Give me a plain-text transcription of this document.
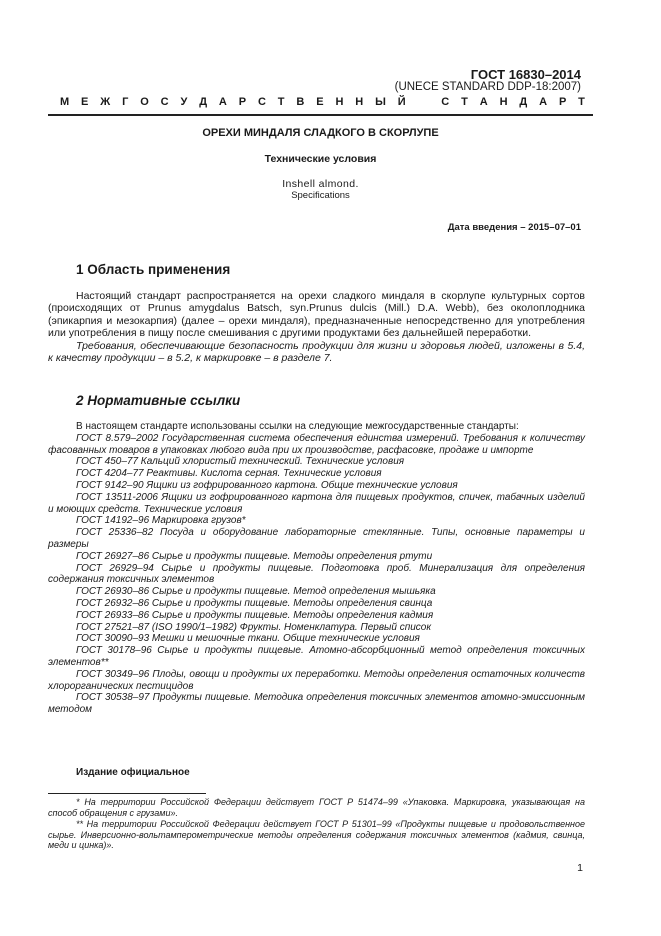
ГОСТ 16830–2014
(UNECE STANDARD DDP-18:2007)
М Е Ж Г О С У Д А Р С Т В Е Н Н Ы Й	С Т А Н Д А Р Т
ОРЕХИ МИНДАЛЯ СЛАДКОГО В СКОРЛУПЕ
Технические условия
Inshell almond.
Specifications
Дата введения – 2015–07–01
1 Область применения

Настоящий стандарт распространяется на орехи сладкого миндаля в скорлупе культурных сортов (происходящих от Prunus amygdalus Batsch, syn.Prunus dulcis (Mill.) D.A. Webb), без околоплодника (эпикарпия и мезокарпия) (далее – орехи миндаля), предназначенные непосредственно для употребления или употребления в пищу после смешивания с другими продуктами без дальнейшей переработки.

Требования, обеспечивающие безопасность продукции для жизни и здоровья людей, изложены в 5.4, к качеству продукции – в 5.2, к маркировке – в разделе 7.

2 Нормативные ссылки

В настоящем стандарте использованы ссылки на следующие межгосударственные стандарты:

ГОСТ 8.579–2002 Государственная система обеспечения единства измерений. Требования к количеству фасованных товаров в упаковках любого вида при их производстве, расфасовке, продаже и импорте

ГОСТ 450–77 Кальций хлористый технический. Технические условия

ГОСТ 4204–77 Реактивы. Кислота серная. Технические условия

ГОСТ 9142–90 Ящики из гофрированного картона. Общие технические условия

ГОСТ 13511-2006 Ящики из гофрированного картона для пищевых продуктов, спичек, табачных изделий и моющих средств. Технические условия

ГОСТ 14192–96 Маркировка грузов*

ГОСТ 25336–82 Посуда и оборудование лабораторные стеклянные. Типы, основные параметры и размеры

ГОСТ 26927–86 Сырье и продукты пищевые. Методы определения ртути

ГОСТ 26929–94 Сырье и продукты пищевые. Подготовка проб. Минерализация для определения содержания токсичных элементов

ГОСТ 26930–86 Сырье и продукты пищевые. Метод определения мышьяка

ГОСТ 26932–86 Сырье и продукты пищевые. Методы определения свинца

ГОСТ 26933–86 Сырье и продукты пищевые. Методы определения кадмия

ГОСТ 27521–87 (ISO 1990/1–1982) Фрукты. Номенклатура. Первый список

ГОСТ 30090–93 Мешки и мешочные ткани. Общие технические условия

ГОСТ 30178–96 Сырье и продукты пищевые. Атомно-абсорбционный метод определения токсичных элементов**

ГОСТ 30349–96 Плоды, овощи и продукты их переработки. Методы определения остаточных количеств хлорорганических пестицидов

ГОСТ 30538–97 Продукты пищевые. Методика определения токсичных элементов атомно-эмиссионным методом

Издание официальное

* На территории Российской Федерации действует ГОСТ Р 51474–99 «Упаковка. Маркировка, указывающая на способ обращения с грузами».

** На территории Российской Федерации действует ГОСТ Р 51301–99 «Продукты пищевые и продовольственное сырье. Инверсионно-вольтамперометрические методы определения содержания токсичных элементов (кадмия, свинца, меди и цинка)».

1
